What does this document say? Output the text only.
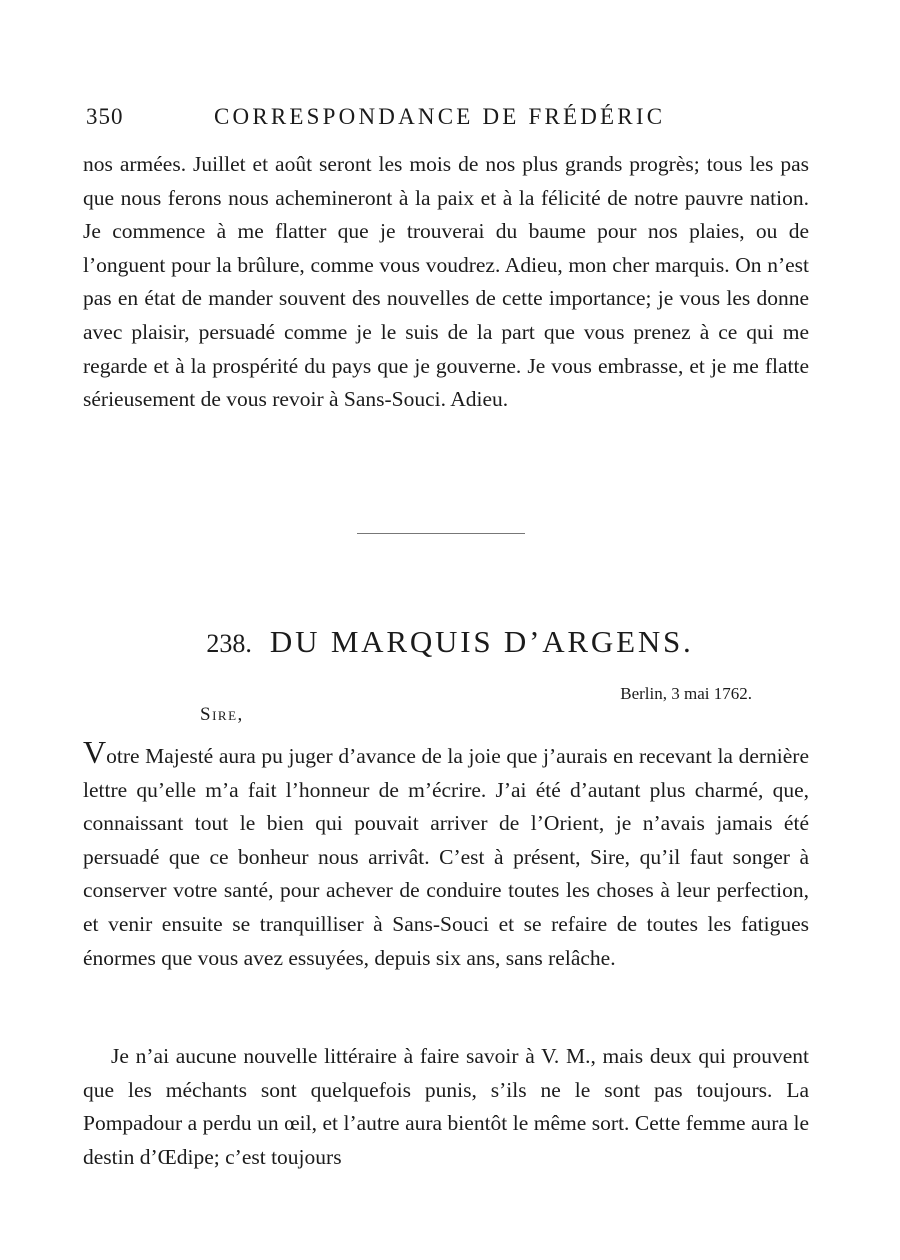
350	CORRESPONDANCE DE FRÉDÉRIC

nos armées. Juillet et août seront les mois de nos plus grands progrès; tous les pas que nous ferons nous achemineront à la paix et à la félicité de notre pauvre nation. Je commence à me flatter que je trouverai du baume pour nos plaies, ou de l’onguent pour la brûlure, comme vous voudrez. Adieu, mon cher marquis. On n’est pas en état de mander souvent des nouvelles de cette importance; je vous les donne avec plaisir, persuadé comme je le suis de la part que vous prenez à ce qui me regarde et à la prospérité du pays que je gouverne. Je vous embrasse, et je me flatte sérieusement de vous revoir à Sans-Souci. Adieu.

238. DU MARQUIS D’ARGENS.
Berlin, 3 mai 1762.
Sire,

Votre Majesté aura pu juger d’avance de la joie que j’aurais en recevant la dernière lettre qu’elle m’a fait l’honneur de m’écrire. J’ai été d’autant plus charmé, que, connaissant tout le bien qui pouvait arriver de l’Orient, je n’avais jamais été persuadé que ce bonheur nous arrivât. C’est à présent, Sire, qu’il faut songer à conserver votre santé, pour achever de conduire toutes les choses à leur perfection, et venir ensuite se tranquilliser à Sans-Souci et se refaire de toutes les fatigues énormes que vous avez essuyées, depuis six ans, sans relâche.

Je n’ai aucune nouvelle littéraire à faire savoir à V. M., mais deux qui prouvent que les méchants sont quelquefois punis, s’ils ne le sont pas toujours. La Pompadour a perdu un œil, et l’autre aura bientôt le même sort. Cette femme aura le destin d’Œdipe; c’est toujours
